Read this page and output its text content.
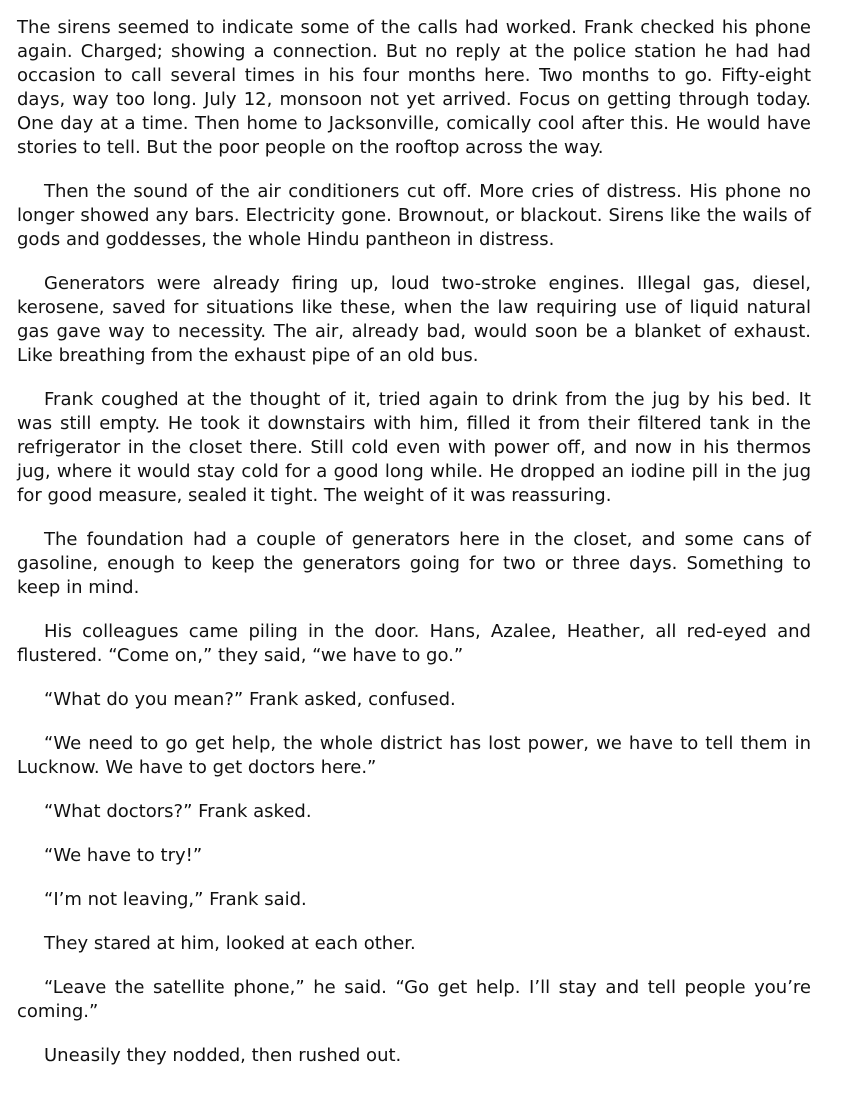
The sirens seemed to indicate some of the calls had worked. Frank checked his phone again. Charged; showing a connection. But no reply at the police station he had had occasion to call several times in his four months here. Two months to go. Fifty-eight days, way too long. July 12, monsoon not yet arrived. Focus on getting through today. One day at a time. Then home to Jacksonville, comically cool after this. He would have stories to tell. But the poor people on the rooftop across the way.

Then the sound of the air conditioners cut off. More cries of distress. His phone no longer showed any bars. Electricity gone. Brownout, or blackout. Sirens like the wails of gods and goddesses, the whole Hindu pantheon in distress.

Generators were already firing up, loud two-stroke engines. Illegal gas, diesel, kerosene, saved for situations like these, when the law requiring use of liquid natural gas gave way to necessity. The air, already bad, would soon be a blanket of exhaust. Like breathing from the exhaust pipe of an old bus.

Frank coughed at the thought of it, tried again to drink from the jug by his bed. It was still empty. He took it downstairs with him, filled it from their filtered tank in the refrigerator in the closet there. Still cold even with power off, and now in his thermos jug, where it would stay cold for a good long while. He dropped an iodine pill in the jug for good measure, sealed it tight. The weight of it was reassuring.

The foundation had a couple of generators here in the closet, and some cans of gasoline, enough to keep the generators going for two or three days. Something to keep in mind.

His colleagues came piling in the door. Hans, Azalee, Heather, all red-eyed and flustered. “Come on,” they said, “we have to go.”

“What do you mean?” Frank asked, confused.

“We need to go get help, the whole district has lost power, we have to tell them in Lucknow. We have to get doctors here.”

“What doctors?” Frank asked.

“We have to try!”

“I’m not leaving,” Frank said.

They stared at him, looked at each other.

“Leave the satellite phone,” he said. “Go get help. I’ll stay and tell people you’re coming.”

Uneasily they nodded, then rushed out.
